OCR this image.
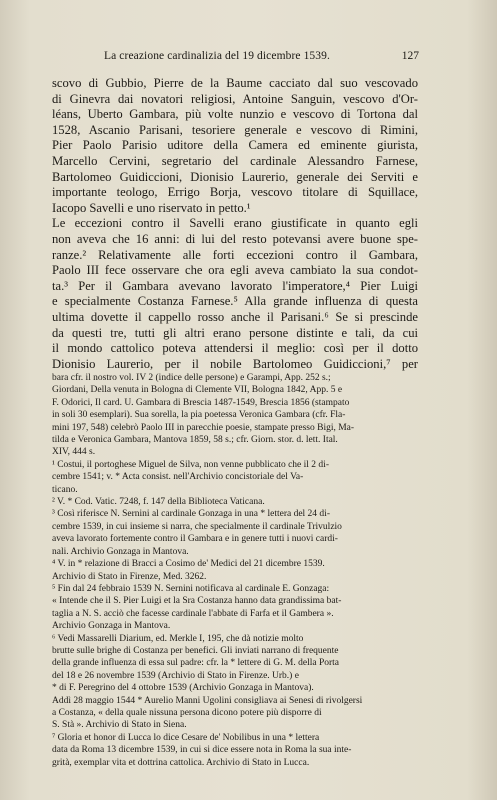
La creazione cardinalizia del 19 dicembre 1539.	127
scovo di Gubbio, Pierre de la Baume cacciato dal suo vescovado
di Ginevra dai novatori religiosi, Antoine Sanguin, vescovo d'Or-
léans, Uberto Gambara, più volte nunzio e vescovo di Tortona dal
1528, Ascanio Parisani, tesoriere generale e vescovo di Rimini,
Pier Paolo Parisio uditore della Camera ed eminente giurista,
Marcello Cervini, segretario del cardinale Alessandro Farnese,
Bartolomeo Guidiccioni, Dionisio Laurerio, generale dei Serviti e
importante teologo, Errigo Borja, vescovo titolare di Squillace,
Iacopo Savelli e uno riservato in petto.¹
Le eccezioni contro il Savelli erano giustificate in quanto egli
non aveva che 16 anni: di lui del resto potevansi avere buone spe-
ranze.² Relativamente alle forti eccezioni contro il Gambara,
Paolo III fece osservare che ora egli aveva cambiato la sua condot-
ta.³ Per il Gambara avevano lavorato l'imperatore,⁴ Pier Luigi
e specialmente Costanza Farnese.⁵ Alla grande influenza di questa
ultima dovette il cappello rosso anche il Parisani.⁶ Se si prescinde
da questi tre, tutti gli altri erano persone distinte e tali, da cui
il mondo cattolico poteva attendersi il meglio: così per il dotto
Dionisio Laurerio, per il nobile Bartolomeo Guidiccioni,⁷ per
bara cfr. il nostro vol. IV 2 (indice delle persone) e Garampi, App. 252 s.;
Giordani, Della venuta in Bologna di Clemente VII, Bologna 1842, App. 5 e
F. Odorici, Il card. U. Gambara di Brescia 1487-1549, Brescia 1856 (stampato
in soli 30 esemplari). Sua sorella, la pia poetessa Veronica Gambara (cfr. Fla-
mini 197, 548) celebrò Paolo III in parecchie poesie, stampate presso Bigi, Ma-
tilda e Veronica Gambara, Mantova 1859, 58 s.; cfr. Giorn. stor. d. lett. Ital.
XIV, 444 s.
¹ Costui, il portoghese Miguel de Silva, non venne pubblicato che il 2 di-
cembre 1541; v. * Acta consist. nell'Archivio concistoriale del Va-
ticano.
² V. * Cod. Vatic. 7248, f. 147 della Biblioteca Vaticana.
³ Così riferisce N. Sernini al cardinale Gonzaga in una * lettera del 24 di-
cembre 1539, in cui insieme si narra, che specialmente il cardinale Trivulzio
aveva lavorato fortemente contro il Gambara e in genere tutti i nuovi cardi-
nali. Archivio Gonzaga in Mantova.
⁴ V. in * relazione di Bracci a Cosimo de' Medici del 21 dicembre 1539.
Archivio di Stato in Firenze, Med. 3262.
⁵ Fin dal 24 febbraio 1539 N. Sernini notificava al cardinale E. Gonzaga:
« Intende che il S. Pier Luigi et la Sra Costanza hanno data grandissima bat-
taglia a N. S. acciò che facesse cardinale l'abbate di Farfa et il Gambera ».
Archivio Gonzaga in Mantova.
⁶ Vedi Massarelli Diarium, ed. Merkle I, 195, che dà notizie molto
brutte sulle brighe di Costanza per benefici. Gli inviati narrano di frequente
della grande influenza di essa sul padre: cfr. la * lettere di G. M. della Porta
del 18 e 26 novembre 1539 (Archivio di Stato in Firenze. Urb.) e
* di F. Peregrino del 4 ottobre 1539 (Archivio Gonzaga in Mantova).
Addì 28 maggio 1544 * Aurelio Manni Ugolini consigliava ai Senesi di rivolgersi
a Costanza, « della quale nissuna persona dicono potere più disporre di
S. Stà ». Archivio di Stato in Siena.
⁷ Gloria et honor di Lucca lo dice Cesare de' Nobilibus in una * lettera
data da Roma 13 dicembre 1539, in cui si dice essere nota in Roma la sua inte-
grità, exemplar vita et dottrina cattolica. Archivio di Stato in Lucca.
